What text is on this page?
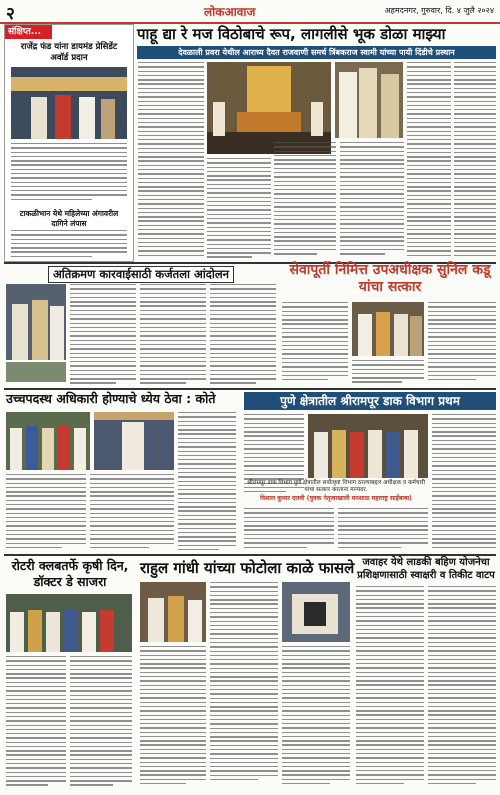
२	लोकआवाज	अहमदनगर, गुरुवार, दि. ४ जुलै २०२४
संक्षिप्त...
राजेंद्र फंड यांना डायमंड प्रेसिडेंट अवॉर्ड प्रदान
टाकळीभान येथे महिलेच्या अंगावरील दागिने लंपास
पाहू द्या रे मज विठोबाचे रूप, लागलीसे भूक डोळा माझ्या
देवळाली प्रवरा येथील आराध्य दैवत राजवाणी समर्थ त्रिंबकराज स्वामी यांच्या पायी दिंडीचे प्रस्थान
अतिक्रमण कारवाईसाठी कर्जतला आंदोलन	सेवापूर्ती निमित्त उपअधीक्षक सुनिल कडू यांचा सत्कार
उच्चपदस्थ अधिकारी होण्याचे ध्येय ठेवा : कोते	पुणे क्षेत्रातील श्रीरामपूर डाक विभाग प्रथम
श्रीरामपूर डाक विभाग पुणे क्षेत्रातील सर्वोत्कृष्ट विभाग ठरल्याबद्दल अधीक्षक व कर्मचारी यांचा सत्कार करताना मान्यवर.
विशाल कुमार दलवी (युवक नेतृत्वाखाली मनशाळ महाराष्ट्र साईंबाबा)
रोटरी क्लबतर्फे कृषी दिन, डॉक्टर डे साजरा
राहुल गांधी यांच्या फोटोला काळे फासले जवाहर येथे लाडकी बहिण योजनेचा प्रशिक्षणासाठी स्वाक्षरी व तिकीट वाटप
